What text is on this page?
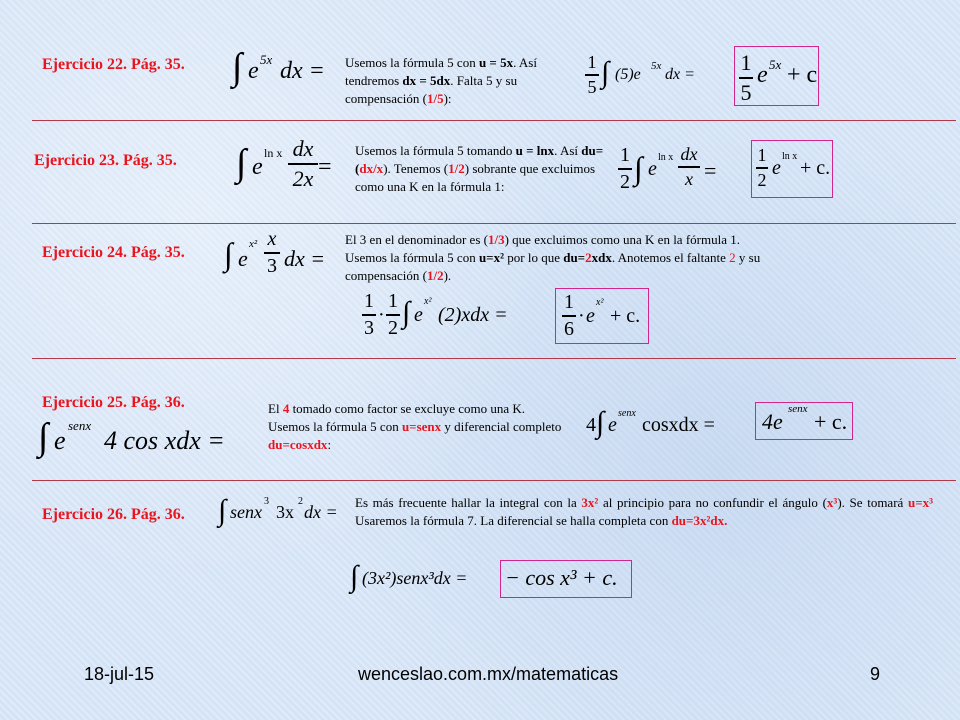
Ejercicio 22. Pág. 35. ∫ e 5x dx = Usemos la fórmula 5 con u = 5x. Así tendremos dx = 5dx. Falta 5 y su compensación (1/5):
1
5 ∫ (5)e 5x dx = 1
5
e 5x + c
Ejercicio 23. Pág. 35. ∫ e
ln x dx
2x =
Usemos la fórmula 5 tomando u = lnx. Así du=(dx/x). Tenemos (1/2) sobrante que excluimos como una K en la fórmula 1:
1
2 ∫ e
ln x dx
x =
1
2
e
ln x
+ c.
Ejercicio 24. Pág. 35. ∫ e
x² x
3 dx =
El 3 en el denominador es (1/3) que excluimos como una K en la fórmula 1. Usemos la fórmula 5 con u=x² por lo que du=2xdx. Anotemos el faltante 2 y su compensación (1/2).
1
3
·
1
2 ∫ e
x²
(2)xdx =
1
6
· e
x²
+ c.
Ejercicio 25. Pág. 36.
∫ e
senx
4 cos xdx =
El 4 tomado como factor se excluye como una K. Usemos la fórmula 5 con u=senx y diferencial completo du=cosxdx:
4 ∫ e
senx
cosxdx = 4e senx + c.
Ejercicio 26. Pág. 36. ∫ senx
3
3x
2
dx = Es más frecuente hallar la integral con la 3x² al principio para no confundir el ángulo (x³). Se tomará u=x³ Usaremos la fórmula 7. La diferencial se halla completa con du=3x²dx.
∫ (3x²)senx³dx = − cos x³ + c.
18-jul-15	wenceslao.com.mx/matematicas	9
